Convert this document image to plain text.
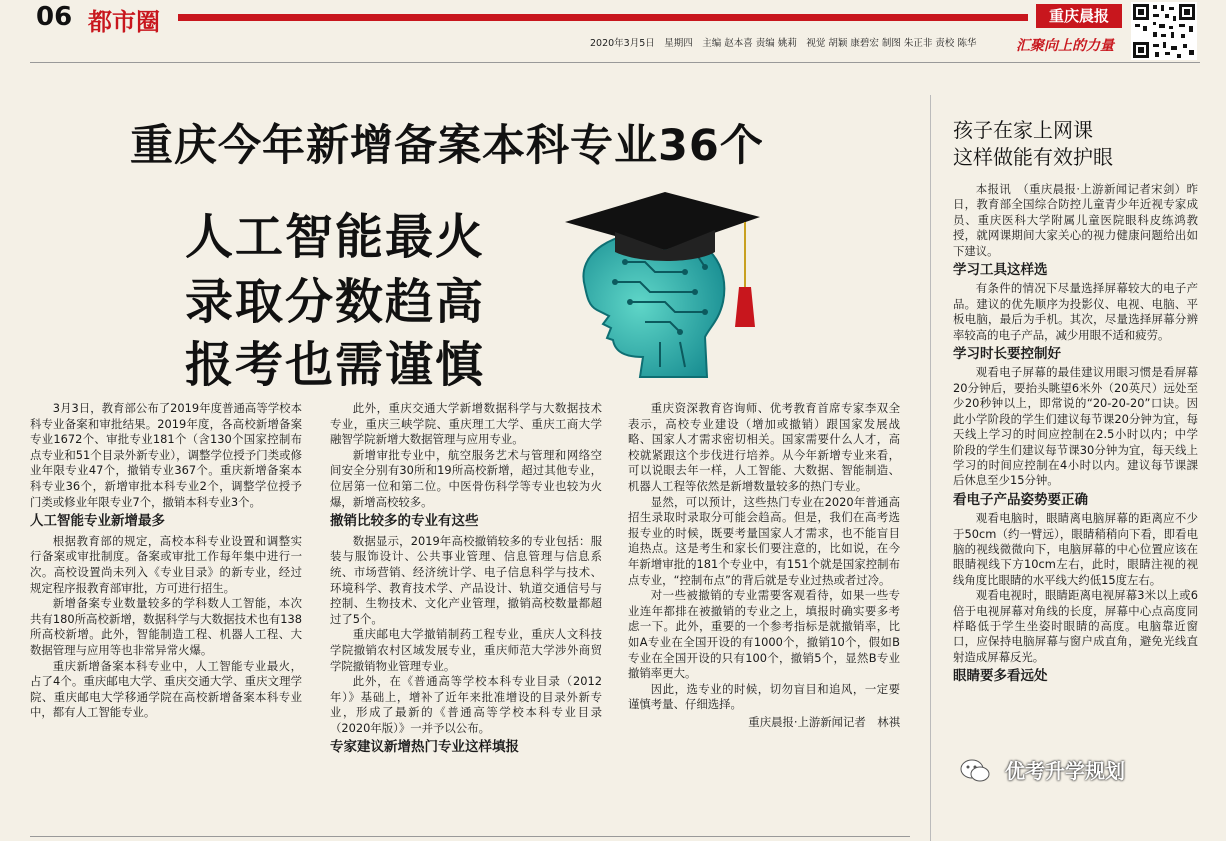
06 都市圈	重庆晨报
汇聚向上的力量
2020年3月5日　星期四　主编 赵本喜 责编 姚莉　视觉 胡颖 康碧宏 制图 朱正非 责校 陈华
重庆今年新增备案本科专业36个
人工智能最火
录取分数趋高
报考也需谨慎

3月3日，教育部公布了2019年度普通高等学校本科专业备案和审批结果。2019年度，各高校新增备案专业1672个、审批专业181个（含130个国家控制布点专业和51个目录外新专业），调整学位授予门类或修业年限专业47个，撤销专业367个。重庆新增备案本科专业36个，新增审批本科专业2个，调整学位授予门类或修业年限专业7个，撤销本科专业3个。

人工智能专业新增最多

根据教育部的规定，高校本科专业设置和调整实行备案或审批制度。备案或审批工作每年集中进行一次。高校设置尚未列入《专业目录》的新专业，经过规定程序报教育部审批，方可进行招生。

新增备案专业数量较多的学科数人工智能，本次共有180所高校新增，数据科学与大数据技术也有138所高校新增。此外，智能制造工程、机器人工程、大数据管理与应用等也非常异常火爆。

重庆新增备案本科专业中，人工智能专业最火，占了4个。重庆邮电大学、重庆交通大学、重庆文理学院、重庆邮电大学移通学院在高校新增备案本科专业中，都有人工智能专业。

此外，重庆交通大学新增数据科学与大数据技术专业，重庆三峡学院、重庆理工大学、重庆工商大学融智学院新增大数据管理与应用专业。

新增审批专业中，航空服务艺术与管理和网络空间安全分别有30所和19所高校新增，超过其他专业，位居第一位和第二位。中医骨伤科学等专业也较为火爆，新增高校较多。

撤销比较多的专业有这些

数据显示，2019年高校撤销较多的专业包括：服装与服饰设计、公共事业管理、信息管理与信息系统、市场营销、经济统计学、电子信息科学与技术、环境科学、教育技术学、产品设计、轨道交通信号与控制、生物技术、文化产业管理，撤销高校数量都超过了5个。

重庆邮电大学撤销制药工程专业，重庆人文科技学院撤销农村区域发展专业，重庆师范大学涉外商贸学院撤销物业管理专业。

此外，在《普通高等学校本科专业目录（2012年）》基础上，增补了近年来批准增设的目录外新专业，形成了最新的《普通高等学校本科专业目录（2020年版）》一并予以公布。

专家建议新增热门专业这样填报

重庆资深教育咨询师、优考教育首席专家李双全表示，高校专业建设（增加或撤销）跟国家发展战略、国家人才需求密切相关。国家需要什么人才，高校就紧跟这个步伐进行培养。从今年新增专业来看，可以说眼去年一样，人工智能、大数据、智能制造、机器人工程等依然是新增数量较多的热门专业。

显然，可以预计，这些热门专业在2020年普通高招生录取时录取分可能会趋高。但是，我们在高考选报专业的时候，既要考量国家人才需求，也不能盲目追热点。这是考生和家长们要注意的，比如说，在今年新增审批的181个专业中，有151个就是国家控制布点专业，“控制布点”的背后就是专业过热或者过冷。

对一些被撤销的专业需要客观看待，如果一些专业连年都排在被撤销的专业之上，填报时确实要多考虑一下。此外，重要的一个参考指标是就撤销率，比如A专业在全国开设的有1000个，撤销10个，假如B专业在全国开设的只有100个，撤销5个，显然B专业撤销率更大。

因此，选专业的时候，切勿盲目和追风，一定要谨慎考量、仔细选择。

重庆晨报·上游新闻记者　林祺

孩子在家上网课
这样做能有效护眼

本报讯　（重庆晨报·上游新闻记者宋剑）昨日，教育部全国综合防控儿童青少年近视专家成员、重庆医科大学附属儿童医院眼科皮练鸿教授，就网课期间大家关心的视力健康问题给出如下建议。

学习工具这样选

有条件的情况下尽量选择屏幕较大的电子产品。建议的优先顺序为投影仪、电视、电脑、平板电脑，最后为手机。其次，尽量选择屏幕分辨率较高的电子产品，减少用眼不适和疲劳。

学习时长要控制好

观看电子屏幕的最佳建议用眼习惯是看屏幕20分钟后，要抬头眺望6米外（20英尺）远处至少20秒钟以上，即常说的“20-20-20”口诀。因此小学阶段的学生们建议每节课20分钟为宜，每天线上学习的时间应控制在2.5小时以内；中学阶段的学生们建议每节课30分钟为宜，每天线上学习的时间应控制在4小时以内。建议每节课課后休息至少15分钟。

看电子产品姿势要正确

观看电脑时，眼睛离电脑屏幕的距离应不少于50cm（约一臂远），眼睛稍稍向下看，即看电脑的视线微微向下，电脑屏幕的中心位置应该在眼睛视线下方10cm左右，此时，眼睛注视的视线角度比眼睛的水平线大约低15度左右。

观看电视时，眼睛距离电视屏幕3米以上或6倍于电视屏幕对角线的长度，屏幕中心点高度同样略低于学生坐姿时眼睛的高度。电脑靠近窗口，应保持电脑屏幕与窗户成直角，避免光线直射造成屏幕反光。

眼睛要多看远处
优考升学规划
